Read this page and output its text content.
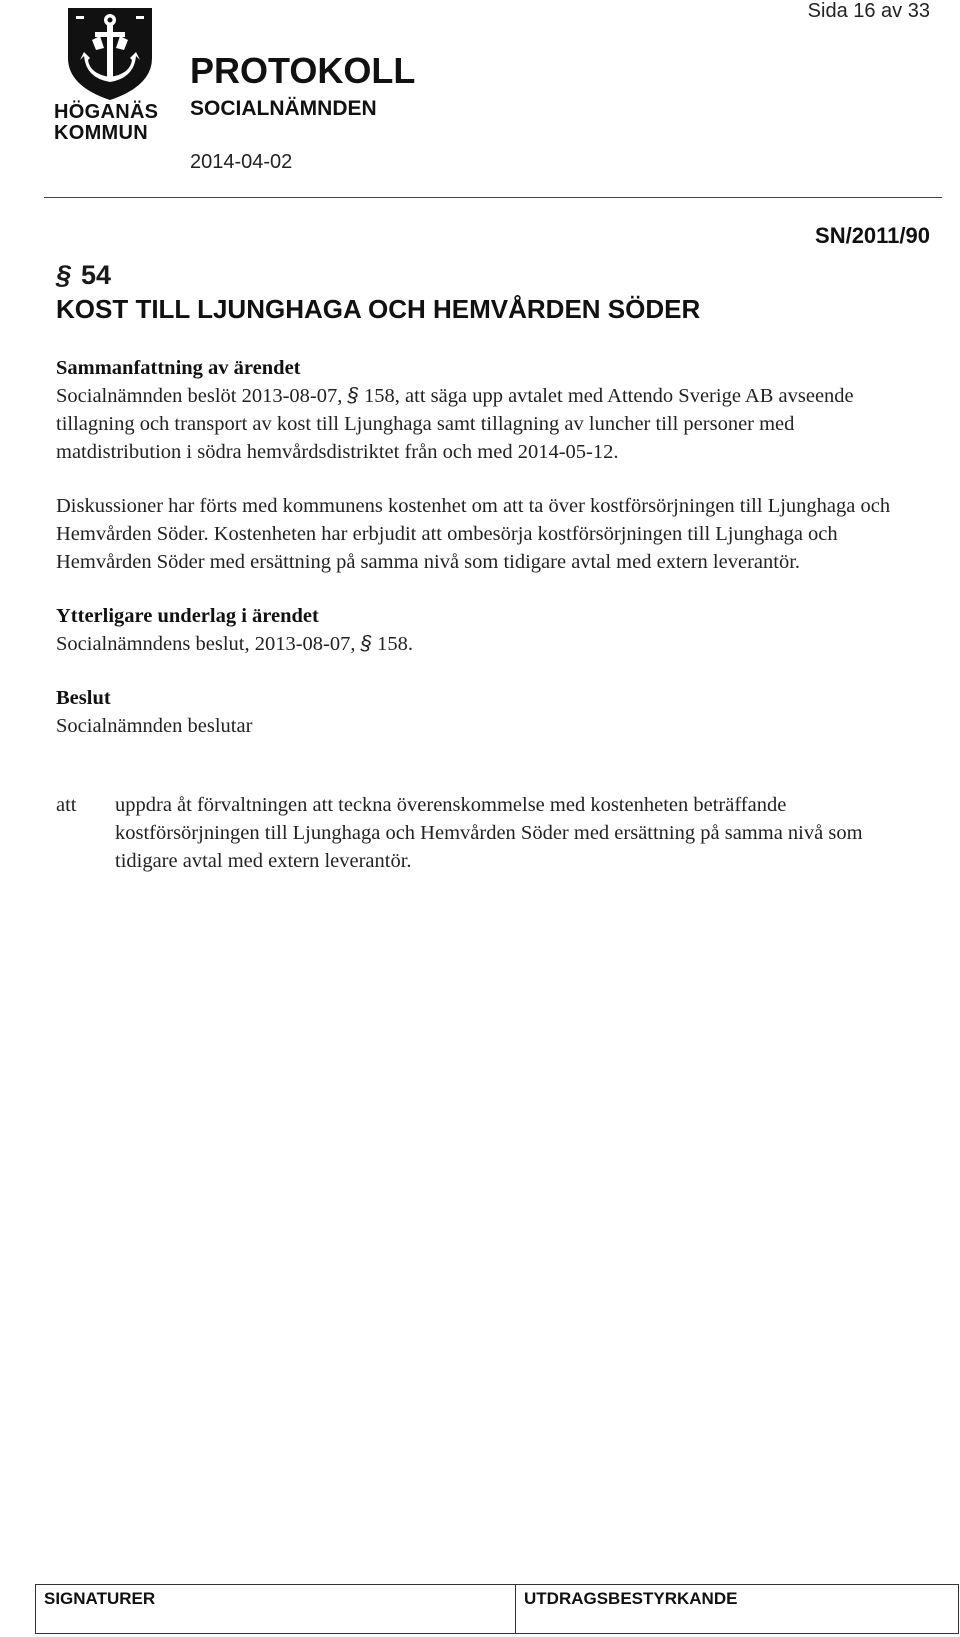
Sida 16 av 33
HÖGANÄS
KOMMUN
PROTOKOLL
SOCIALNÄMNDEN
2014-04-02
SN/2011/90
§ 54
KOST TILL LJUNGHAGA OCH HEMVÅRDEN SÖDER
Sammanfattning av ärendet

Socialnämnden beslöt 2013-08-07, § 158, att säga upp avtalet med Attendo Sverige AB avseende tillagning och transport av kost till Ljunghaga samt tillagning av luncher till personer med matdistribution i södra hemvårdsdistriktet från och med 2014-05-12.

Diskussioner har förts med kommunens kostenhet om att ta över kostförsörjningen till Ljunghaga och Hemvården Söder. Kostenheten har erbjudit att ombesörja kostförsörjningen till Ljunghaga och Hemvården Söder med ersättning på samma nivå som tidigare avtal med extern leverantör.

Ytterligare underlag i ärendet

Socialnämndens beslut, 2013-08-07, § 158.

Beslut

Socialnämnden beslutar

att	uppdra åt förvaltningen att teckna överenskommelse med kostenheten beträffande kostförsörjningen till Ljunghaga och Hemvården Söder med ersättning på samma nivå som tidigare avtal med extern leverantör.
SIGNATURER	UTDRAGSBESTYRKANDE
